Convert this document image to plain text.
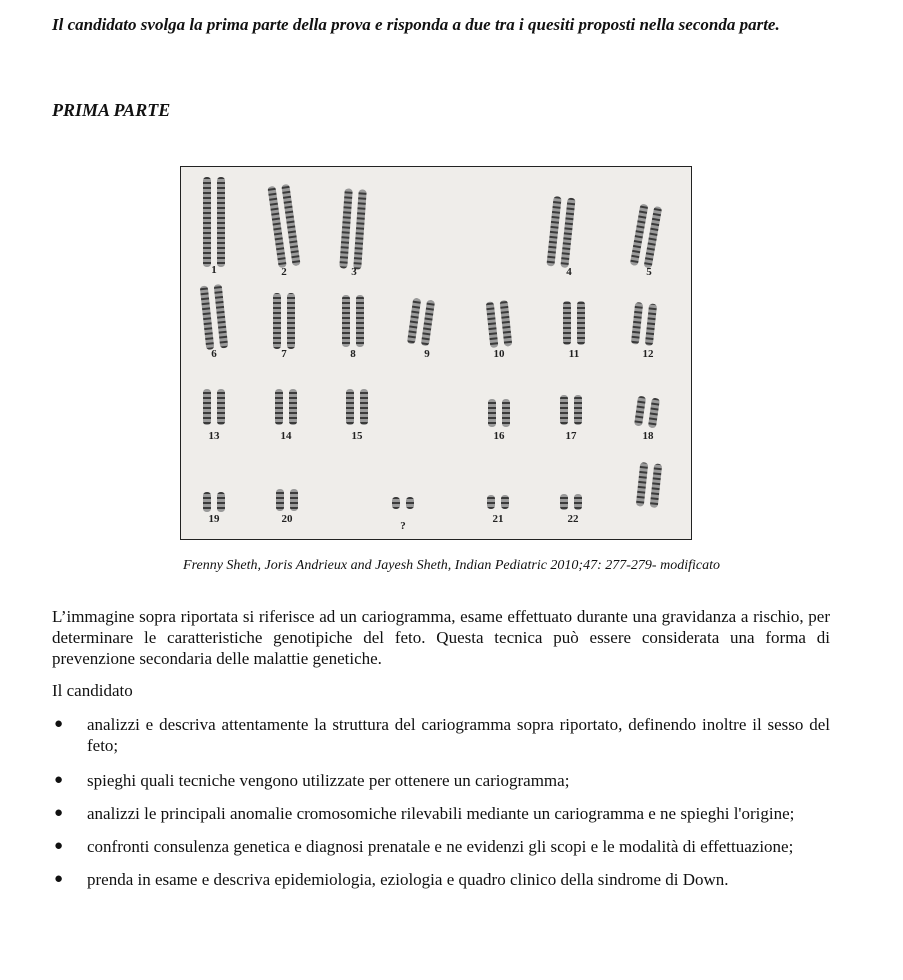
Il candidato svolga la prima parte della prova e risponda a due tra i quesiti proposti nella seconda parte.
PRIMA PARTE
1	2	3	4	5
6	7	8	9	10	11	12
13	14	15	16	17	18
19	20
?
21	22
Frenny Sheth, Joris Andrieux and Jayesh Sheth, Indian Pediatric 2010;47: 277-279- modificato
L’immagine sopra riportata si riferisce ad un cariogramma, esame effettuato durante una gravidanza a rischio, per determinare le caratteristiche genotipiche del feto. Questa tecnica può essere considerata una forma di prevenzione secondaria delle malattie genetiche.
Il candidato
● analizzi e descriva attentamente la struttura del cariogramma sopra riportato, definendo inoltre il sesso del feto;
● spieghi quali tecniche vengono utilizzate per ottenere un cariogramma;
● analizzi le principali anomalie cromosomiche rilevabili mediante un cariogramma e ne spieghi l'origine;
● confronti consulenza genetica e diagnosi prenatale e ne evidenzi gli scopi e le modalità di effettuazione;
● prenda in esame e descriva epidemiologia, eziologia e quadro clinico della sindrome di Down.
